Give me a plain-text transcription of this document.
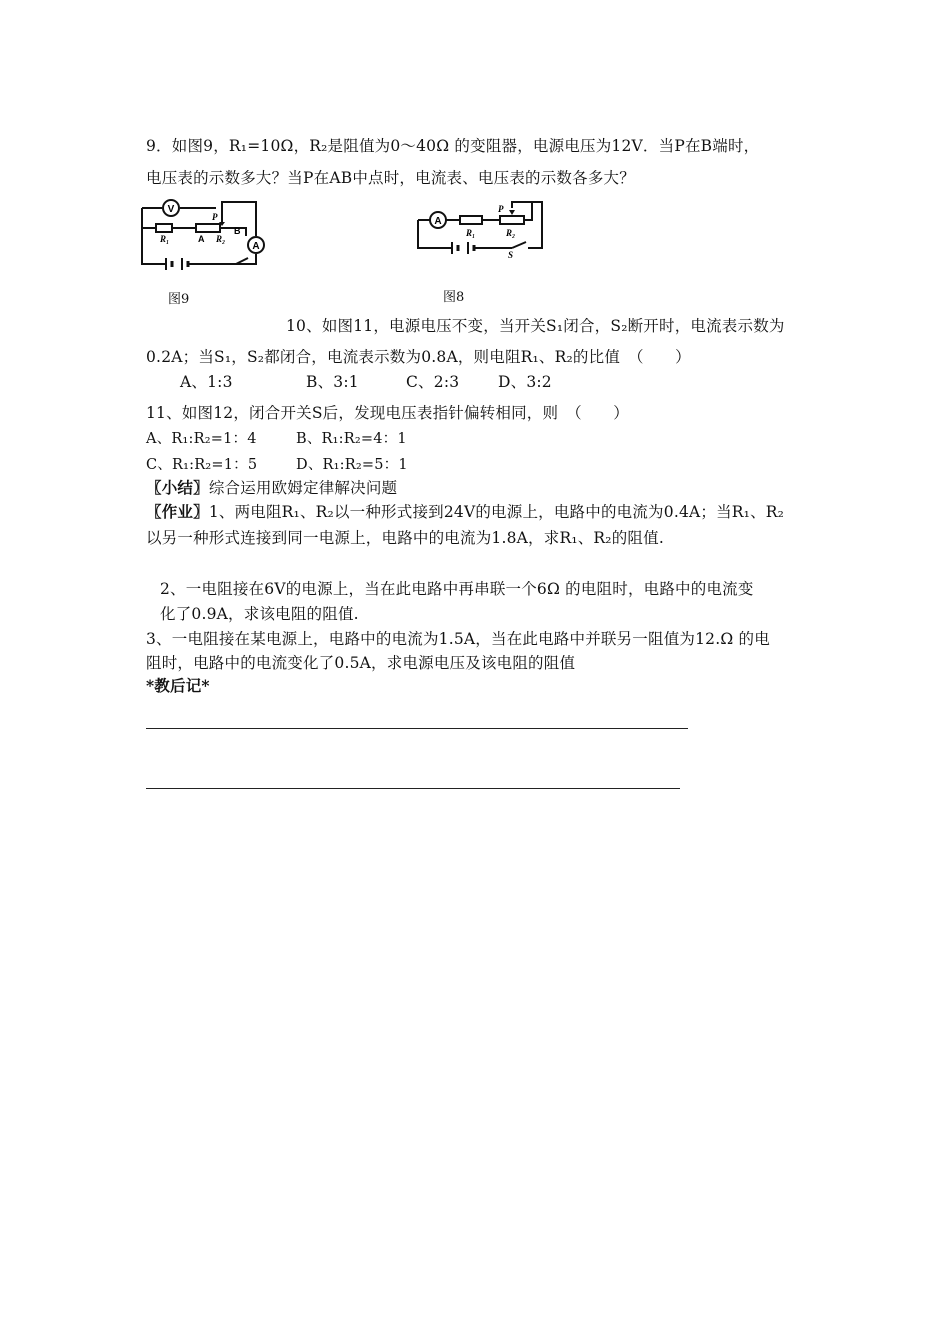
9．如图9，R₁=10Ω，R₂是阻值为0～40Ω 的变阻器，电源电压为12V．当P在B端时，
电压表的示数多大？当P在AB中点时，电流表、电压表的示数各多大？
V
A
P
R₁	A R₂
B
图9
A
P
R₁	R₂
S
图8
10、如图11，电源电压不变，当开关S₁闭合，S₂断开时，电流表示数为
0.2A；当S₁，S₂都闭合，电流表示数为0.8A，则电阻R₁、R₂的比值　（　　）
A、1:3	B、3:1	C、2:3 D、3:2
11、如图12，闭合开关S后，发现电压表指针偏转相同，则　（　　）
A、R₁:R₂=1：4	B、R₁:R₂=4：1
C、R₁:R₂=1：5	D、R₁:R₂=5：1
〖小结〗综合运用欧姆定律解决问题
〖作业〗1、两电阻R₁、R₂以一种形式接到24V的电源上，电路中的电流为0.4A；当R₁、R₂
以另一种形式连接到同一电源上，电路中的电流为1.8A，求R₁、R₂的阻值.
2、一电阻接在6V的电源上，当在此电路中再串联一个6Ω 的电阻时，电路中的电流变
化了0.9A，求该电阻的阻值.
3、一电阻接在某电源上，电路中的电流为1.5A，当在此电路中并联另一阻值为12.Ω 的电
阻时，电路中的电流变化了0.5A，求电源电压及该电阻的阻值
*教后记*
